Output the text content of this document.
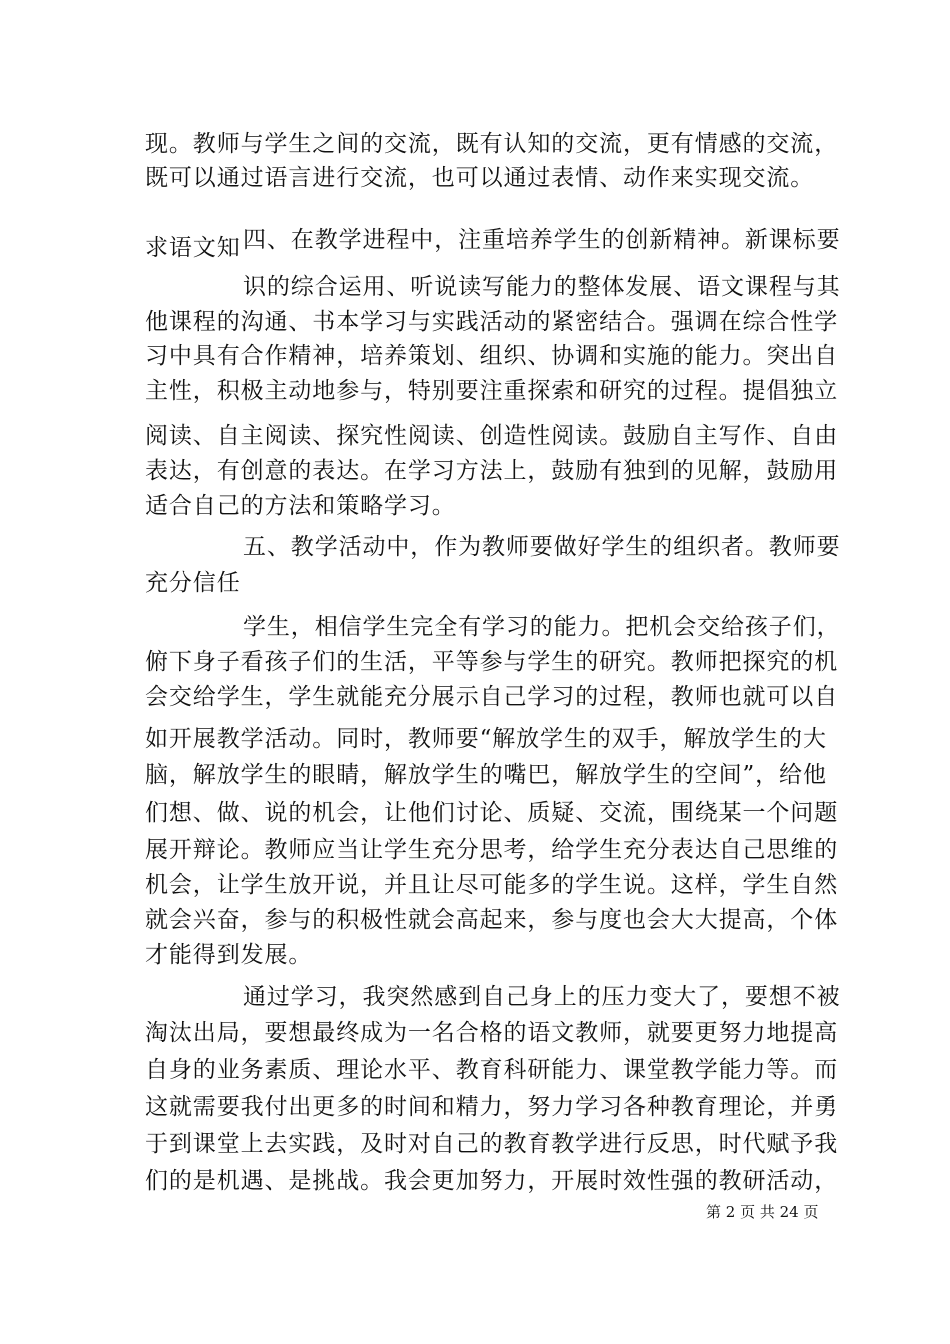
现。教师与学生之间的交流，既有认知的交流，更有情感的交流，
既可以通过语言进行交流，也可以通过表情、动作来实现交流。
四、在教学进程中，注重培养学生的创新精神。新课标要
求语文知
识的综合运用、听说读写能力的整体发展、语文课程与其
他课程的沟通、书本学习与实践活动的紧密结合。强调在综合性学
习中具有合作精神，培养策划、组织、协调和实施的能力。突出自
主性，积极主动地参与，特别要注重探索和研究的过程。提倡独立
阅读、自主阅读、探究性阅读、创造性阅读。鼓励自主写作、自由
表达，有创意的表达。在学习方法上，鼓励有独到的见解，鼓励用
适合自己的方法和策略学习。
五、教学活动中，作为教师要做好学生的组织者。教师要
充分信任
学生，相信学生完全有学习的能力。把机会交给孩子们，
俯下身子看孩子们的生活，平等参与学生的研究。教师把探究的机
会交给学生，学生就能充分展示自己学习的过程，教师也就可以自
如开展教学活动。同时，教师要“解放学生的双手，解放学生的大
脑，解放学生的眼睛，解放学生的嘴巴，解放学生的空间”，给他
们想、做、说的机会，让他们讨论、质疑、交流，围绕某一个问题
展开辩论。教师应当让学生充分思考，给学生充分表达自己思维的
机会，让学生放开说，并且让尽可能多的学生说。这样，学生自然
就会兴奋，参与的积极性就会高起来，参与度也会大大提高，个体
才能得到发展。
通过学习，我突然感到自己身上的压力变大了，要想不被
淘汰出局，要想最终成为一名合格的语文教师，就要更努力地提高
自身的业务素质、理论水平、教育科研能力、课堂教学能力等。而
这就需要我付出更多的时间和精力，努力学习各种教育理论，并勇
于到课堂上去实践，及时对自己的教育教学进行反思，时代赋予我
们的是机遇、是挑战。我会更加努力，开展时效性强的教研活动，
第 2 页 共 24 页
